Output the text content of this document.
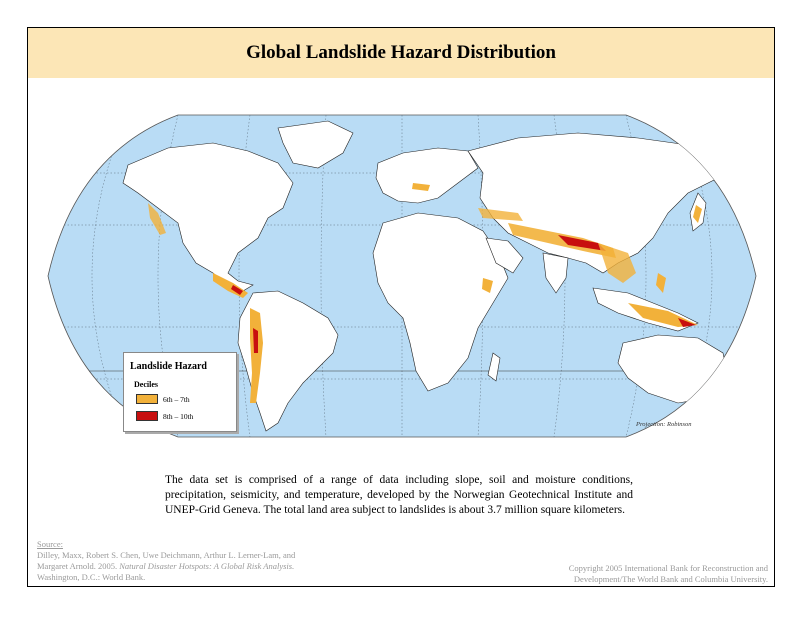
Global Landslide Hazard Distribution
Landslide Hazard
Deciles
6th – 7th
8th – 10th
Projection: Robinson

The data set is comprised of a range of data including slope, soil and moisture conditions, precipitation, seismicity, and temperature, developed by the Norwegian Geotechnical Institute and UNEP-Grid Geneva. The total land area subject to landslides is about 3.7 million square kilometers.

Source:
Dilley, Maxx, Robert S. Chen, Uwe Deichmann, Arthur L. Lerner-Lam, and Margaret Arnold. 2005. Natural Disaster Hotspots: A Global Risk Analysis. Washington, D.C.: World Bank.
Copyright 2005 International Bank for Reconstruction and Development/The World Bank and Columbia University.
